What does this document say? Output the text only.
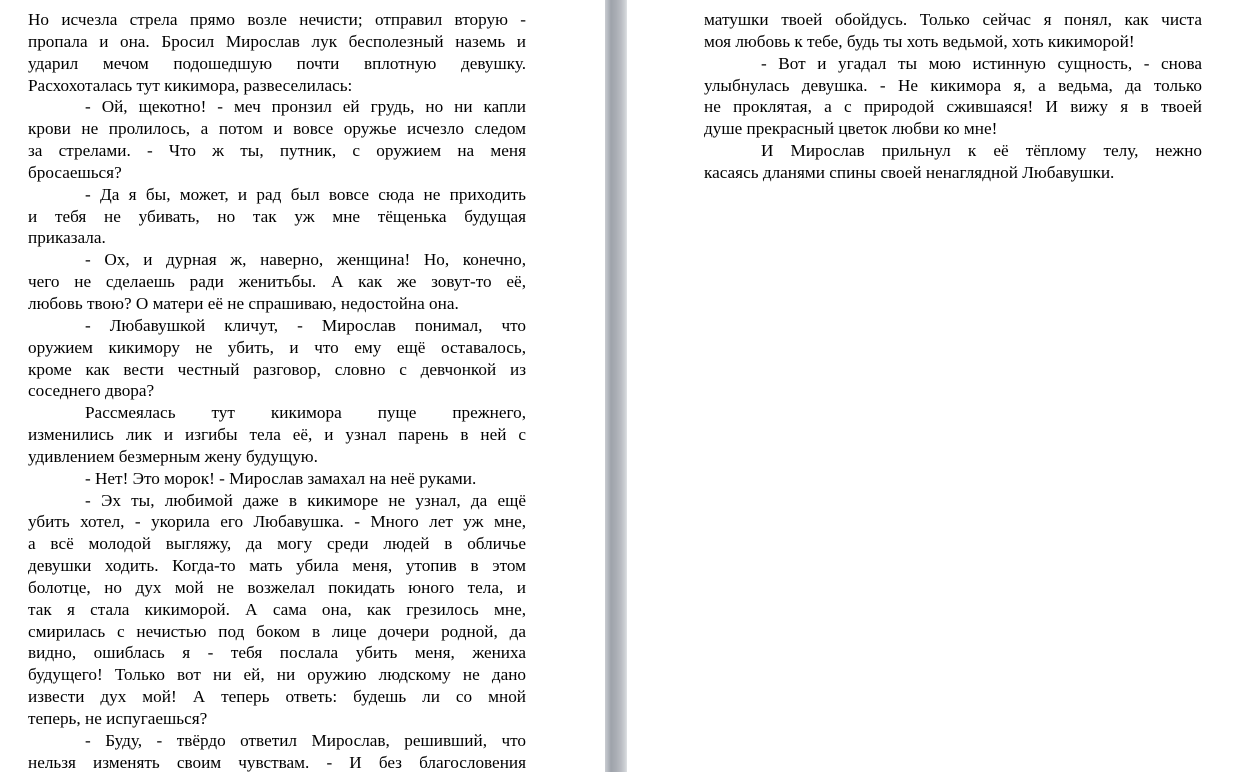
Но исчезла стрела прямо возле нечисти; отправил вторую -
пропала и она. Бросил Мирослав лук бесполезный наземь и
ударил мечом подошедшую почти вплотную девушку.
Расхохоталась тут кикимора, развеселилась:
- Ой, щекотно! - меч пронзил ей грудь, но ни капли
крови не пролилось, а потом и вовсе оружье исчезло следом
за стрелами. - Что ж ты, путник, с оружием на меня
бросаешься?
- Да я бы, может, и рад был вовсе сюда не приходить
и тебя не убивать, но так уж мне тёщенька будущая
приказала.
- Ох, и дурная ж, наверно, женщина! Но, конечно,
чего не сделаешь ради женитьбы. А как же зовут-то её,
любовь твою? О матери её не спрашиваю, недостойна она.
- Любавушкой кличут, - Мирослав понимал, что
оружием кикимору не убить, и что ему ещё оставалось,
кроме как вести честный разговор, словно с девчонкой из
соседнего двора?
Рассмеялась тут кикимора пуще прежнего,
изменились лик и изгибы тела её, и узнал парень в ней с
удивлением безмерным жену будущую.
- Нет! Это морок! - Мирослав замахал на неё руками.
- Эх ты, любимой даже в кикиморе не узнал, да ещё
убить хотел, - укорила его Любавушка. - Много лет уж мне,
а всё молодой выгляжу, да могу среди людей в обличье
девушки ходить. Когда-то мать убила меня, утопив в этом
болотце, но дух мой не возжелал покидать юного тела, и
так я стала кикиморой. А сама она, как грезилось мне,
смирилась с нечистью под боком в лице дочери родной, да
видно, ошиблась я - тебя послала убить меня, жениха
будущего! Только вот ни ей, ни оружию людскому не дано
извести дух мой! А теперь ответь: будешь ли со мной
теперь, не испугаешься?
- Буду, - твёрдо ответил Мирослав, решивший, что
нельзя изменять своим чувствам. - И без благословения
матушки твоей обойдусь. Только сейчас я понял, как чиста
моя любовь к тебе, будь ты хоть ведьмой, хоть кикиморой!
- Вот и угадал ты мою истинную сущность, - снова
улыбнулась девушка. - Не кикимора я, а ведьма, да только
не проклятая, а с природой сжившаяся! И вижу я в твоей
душе прекрасный цветок любви ко мне!
И Мирослав прильнул к её тёплому телу, нежно
касаясь дланями спины своей ненаглядной Любавушки.
